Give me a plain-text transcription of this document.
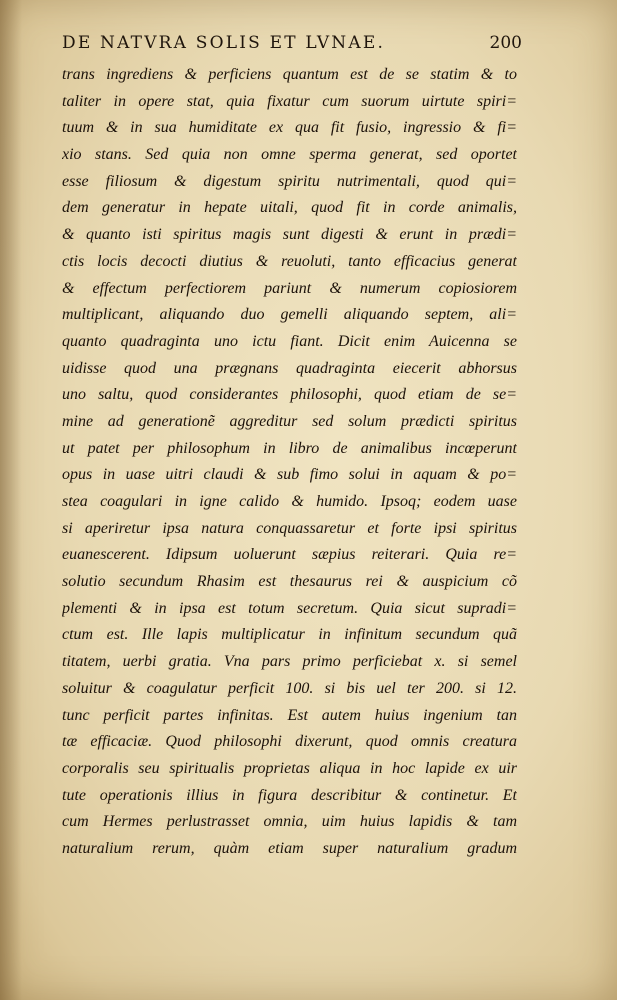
DE NATVRA SOLIS ET LVNAE.	200
trans ingrediens & perficiens quantum est de se statim & to
taliter in opere stat, quia fixatur cum suorum uirtute spiri=
tuum & in sua humiditate ex qua fit fusio, ingressio & fi=
xio stans. Sed quia non omne sperma generat, sed oportet
esse filiosum & digestum spiritu nutrimentali, quod qui=
dem generatur in hepate uitali, quod fit in corde animalis,
& quanto isti spiritus magis sunt digesti & erunt in prædi=
ctis locis decocti diutius & reuoluti, tanto efficacius generat
& effectum perfectiorem pariunt & numerum copiosiorem
multiplicant, aliquando duo gemelli aliquando septem, ali=
quanto quadraginta uno ictu fiant. Dicit enim Auicenna se
uidisse quod una prægnans quadraginta eiecerit abhorsus
uno saltu, quod considerantes philosophi, quod etiam de se=
mine ad generationẽ aggreditur sed solum prædicti spiritus
ut patet per philosophum in libro de animalibus incœperunt
opus in uase uitri claudi & sub fimo solui in aquam & po=
stea coagulari in igne calido & humido. Ipsoq; eodem uase
si aperiretur ipsa natura conquassaretur et forte ipsi spiritus
euanescerent. Idipsum uoluerunt sæpius reiterari. Quia re=
solutio secundum Rhasim est thesaurus rei & auspicium cõ
plementi & in ipsa est totum secretum. Quia sicut supradi=
ctum est. Ille lapis multiplicatur in infinitum secundum quã
titatem, uerbi gratia. Vna pars primo perficiebat x. si semel
soluitur & coagulatur perficit 100. si bis uel ter 200. si 12.
tunc perficit partes infinitas. Est autem huius ingenium tan
tæ efficaciæ. Quod philosophi dixerunt, quod omnis creatura
corporalis seu spiritualis proprietas aliqua in hoc lapide ex uir
tute operationis illius in figura describitur & continetur. Et
cum Hermes perlustrasset omnia, uim huius lapidis & tam
naturalium rerum, quàm etiam super naturalium gradum
